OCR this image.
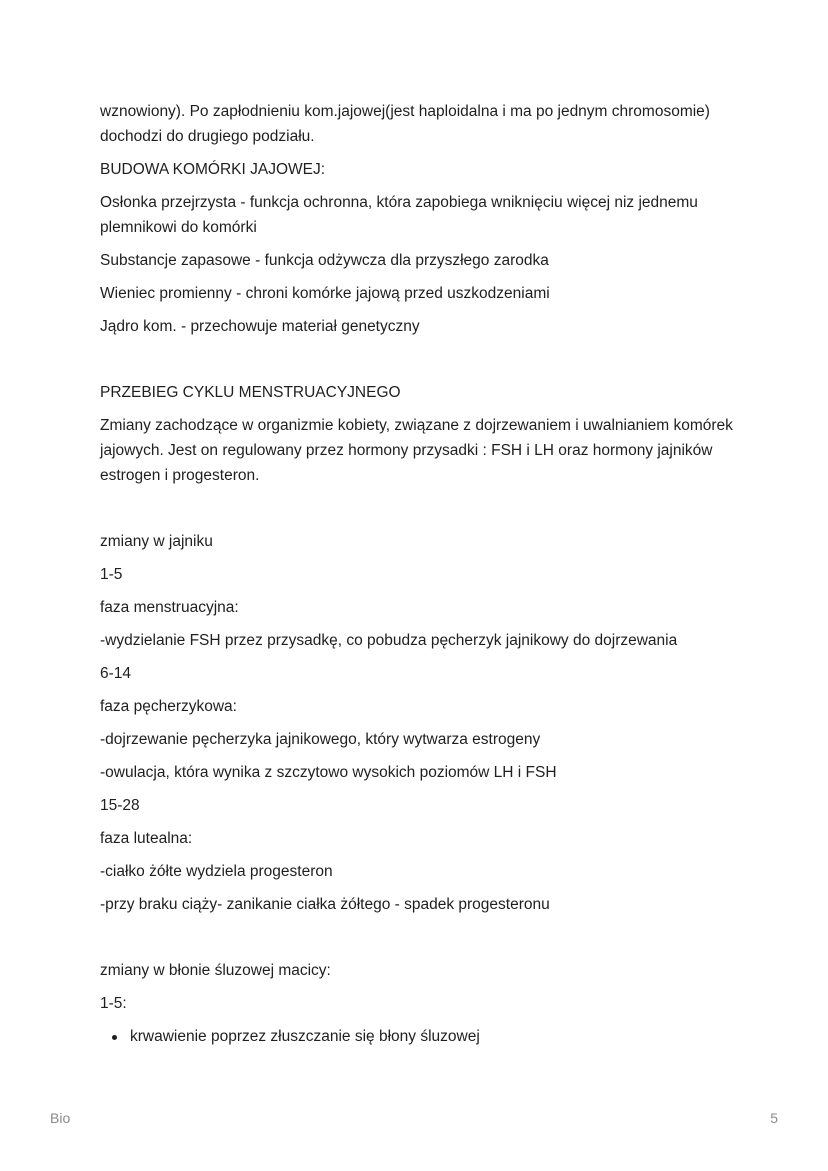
wznowiony). Po zapłodnieniu kom.jajowej(jest haploidalna i ma po jednym chromosomie) dochodzi do drugiego podziału.

BUDOWA KOMÓRKI JAJOWEJ:

Osłonka przejrzysta - funkcja ochronna, która zapobiega wniknięciu więcej niz jednemu plemnikowi do komórki

Substancje zapasowe - funkcja odżywcza dla przyszłego zarodka

Wieniec promienny - chroni komórke jajową przed uszkodzeniami

Jądro kom. - przechowuje materiał genetyczny

PRZEBIEG CYKLU MENSTRUACYJNEGO

Zmiany zachodzące w organizmie kobiety, związane z dojrzewaniem i uwalnianiem komórek jajowych. Jest on regulowany przez hormony przysadki : FSH i LH oraz hormony jajników estrogen i progesteron.

zmiany w jajniku

1-5

faza menstruacyjna:

-wydzielanie FSH przez przysadkę, co pobudza pęcherzyk jajnikowy do dojrzewania

6-14

faza pęcherzykowa:

-dojrzewanie pęcherzyka jajnikowego, który wytwarza estrogeny

-owulacja, która wynika z szczytowo wysokich poziomów LH i FSH

15-28

faza lutealna:

-ciałko żółte wydziela progesteron

-przy braku ciąży- zanikanie ciałka żółtego - spadek progesteronu

zmiany w błonie śluzowej macicy:

1-5:

krwawienie poprzez złuszczanie się błony śluzowej
Bio	5
